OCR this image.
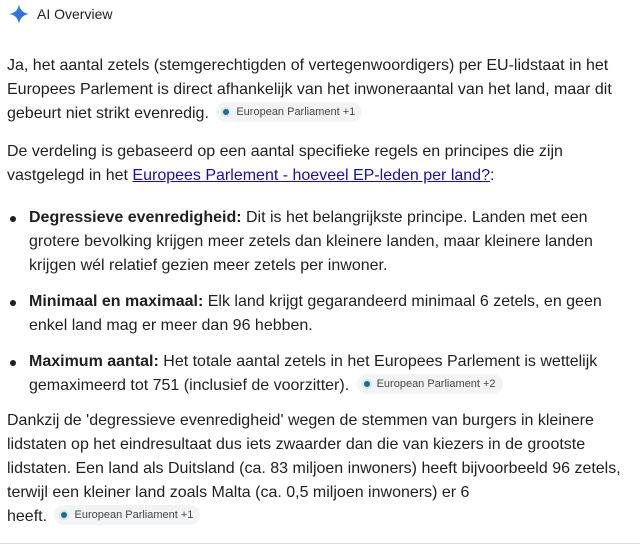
AI Overview

Ja, het aantal zetels (stemgerechtigden of vertegenwoordigers) per EU-lidstaat in het Europees Parlement is direct afhankelijk van het inwoneraantal van het land, maar dit gebeurt niet strikt evenredig. European Parliament +1

De verdeling is gebaseerd op een aantal specifieke regels en principes die zijn vastgelegd in het Europees Parlement - hoeveel EP-leden per land?:

Degressieve evenredigheid: Dit is het belangrijkste principe. Landen met een grotere bevolking krijgen meer zetels dan kleinere landen, maar kleinere landen krijgen wél relatief gezien meer zetels per inwoner.
Minimaal en maximaal: Elk land krijgt gegarandeerd minimaal 6 zetels, en geen enkel land mag er meer dan 96 hebben.
Maximum aantal: Het totale aantal zetels in het Europees Parlement is wettelijk gemaximeerd tot 751 (inclusief de voorzitter). European Parliament +2

Dankzij de 'degressieve evenredigheid' wegen de stemmen van burgers in kleinere lidstaten op het eindresultaat dus iets zwaarder dan die van kiezers in de grootste lidstaten. Een land als Duitsland (ca. 83 miljoen inwoners) heeft bijvoorbeeld 96 zetels, terwijl een kleiner land zoals Malta (ca. 0,5 miljoen inwoners) er 6
heeft. European Parliament +1
